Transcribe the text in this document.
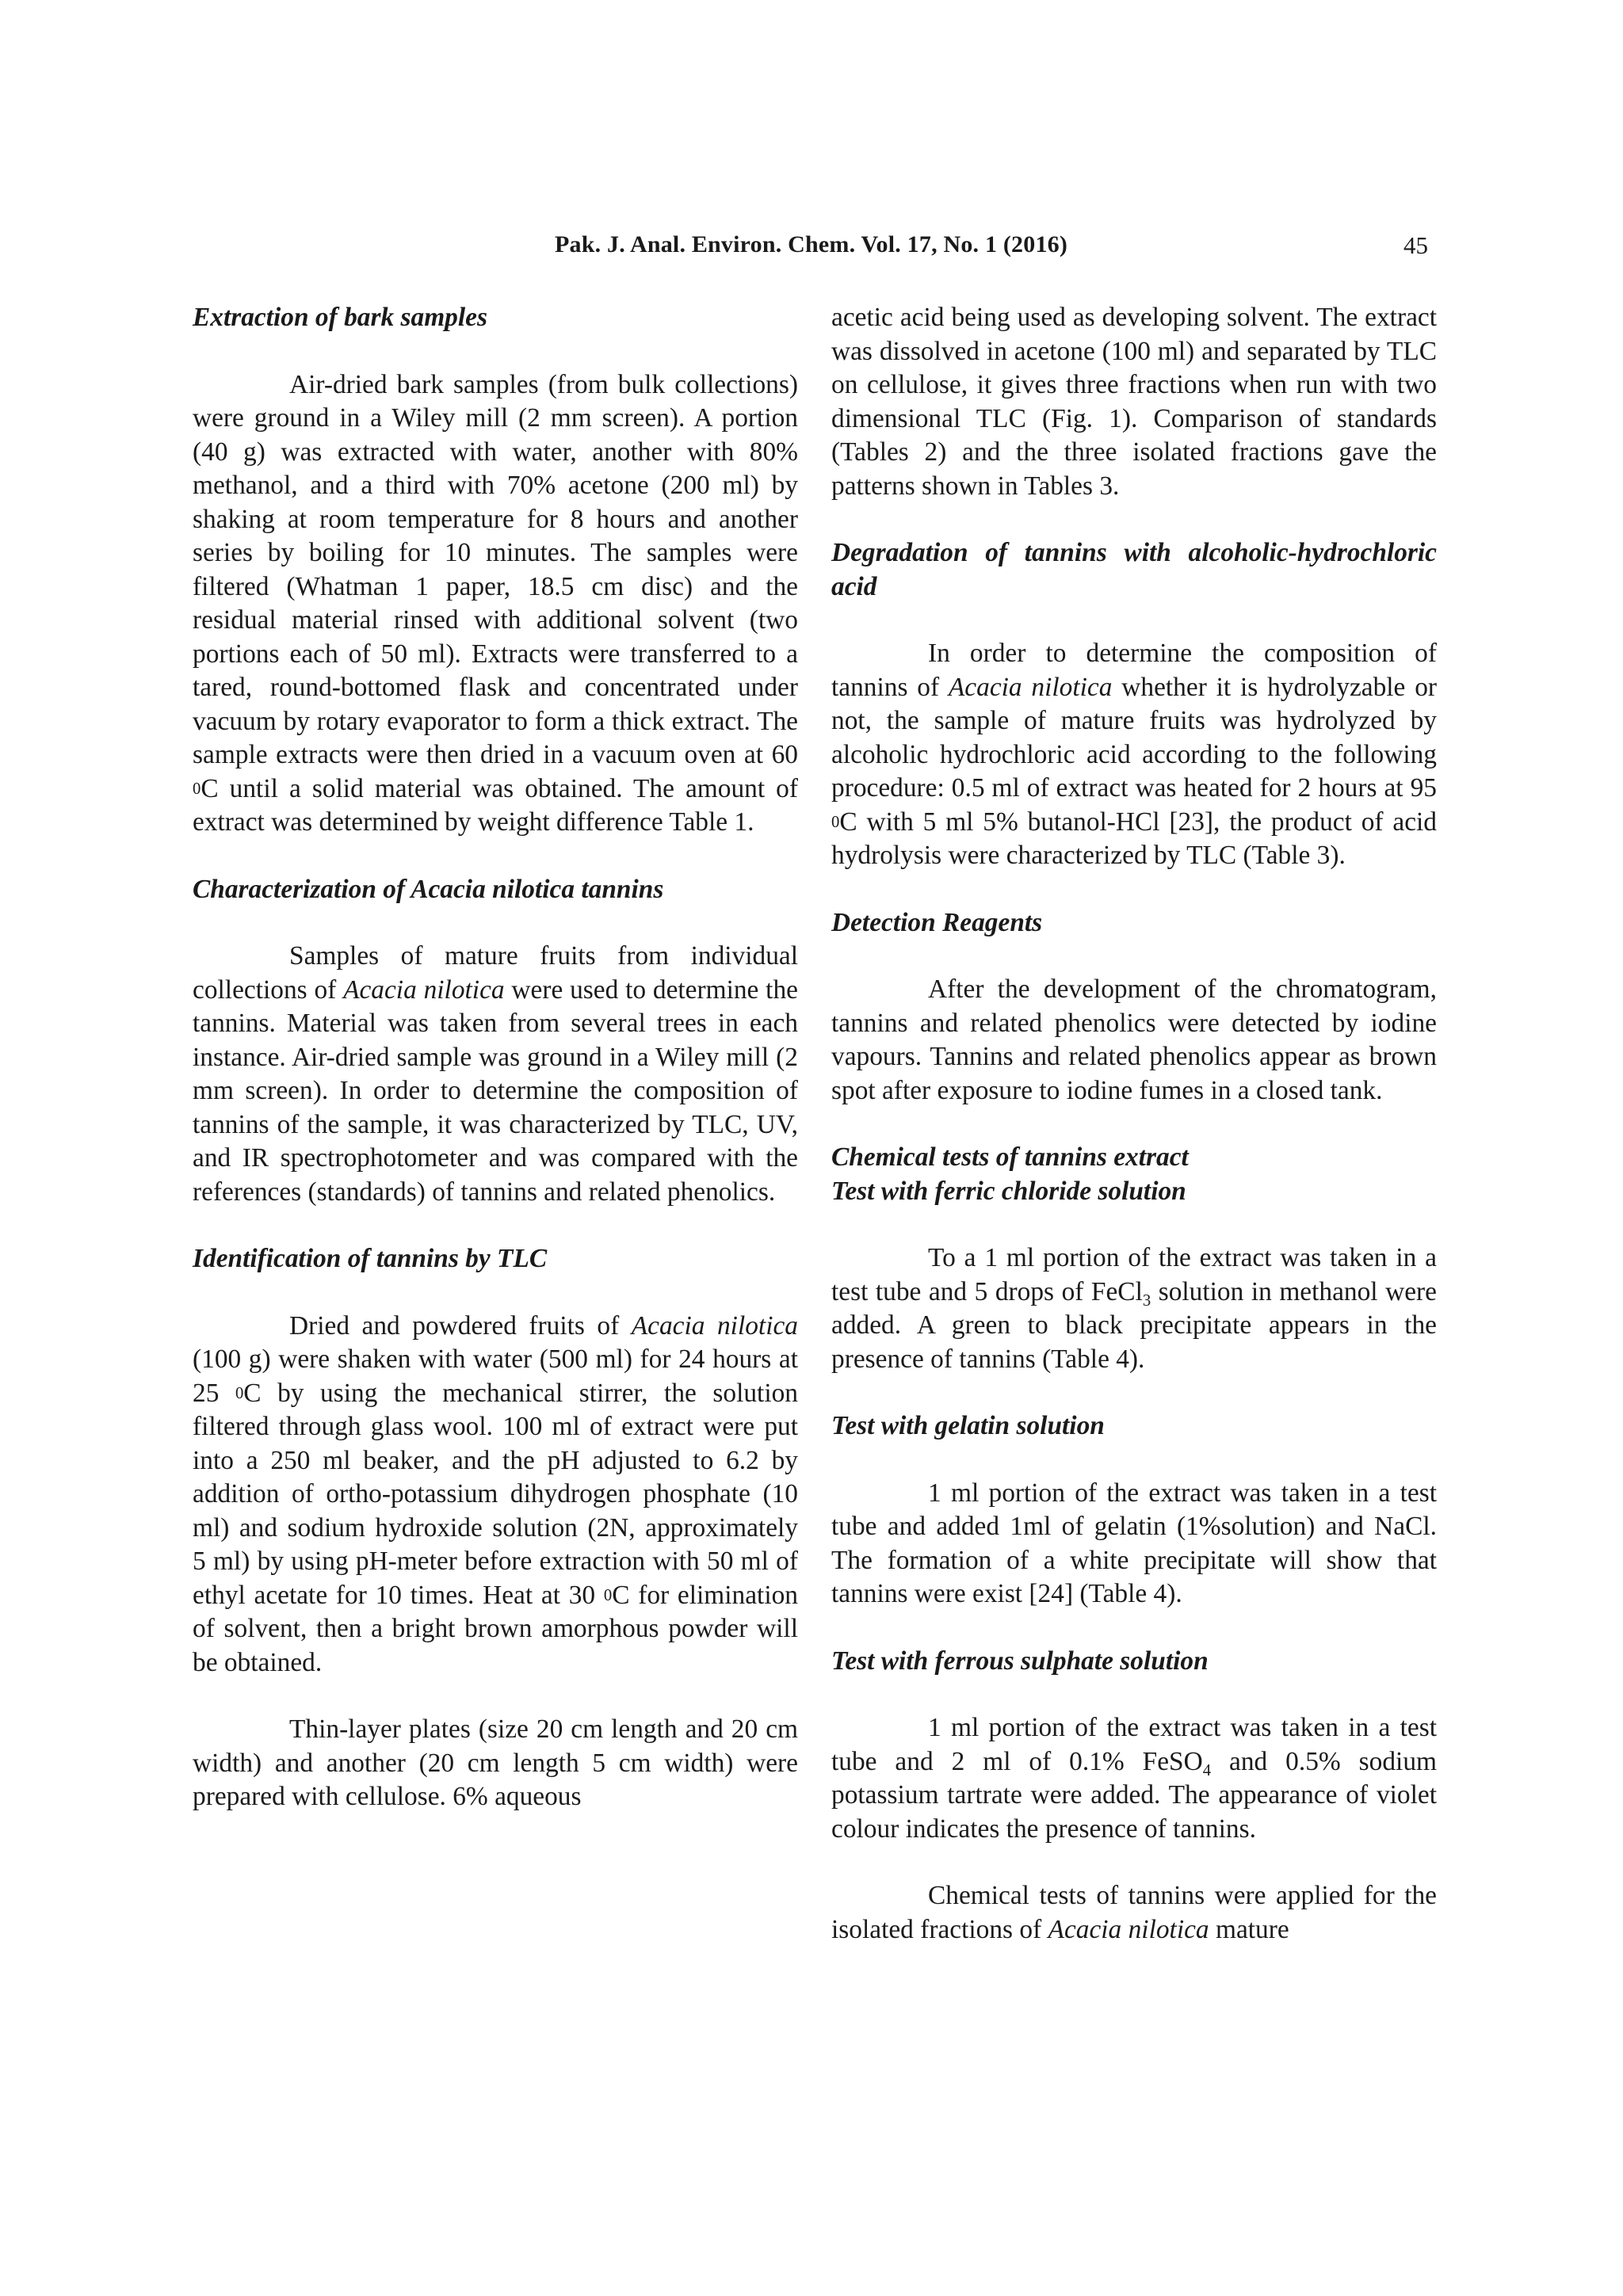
Pak. J. Anal. Environ. Chem. Vol. 17, No. 1 (2016)	45
Extraction of bark samples

Air-dried bark samples (from bulk collections) were ground in a Wiley mill (2 mm screen). A portion (40 g) was extracted with water, another with 80% methanol, and a third with 70% acetone (200 ml) by shaking at room temperature for 8 hours and another series by boiling for 10 minutes. The samples were filtered (Whatman 1 paper, 18.5 cm disc) and the residual material rinsed with additional solvent (two portions each of 50 ml). Extracts were transferred to a tared, round-bottomed flask and concentrated under vacuum by rotary evaporator to form a thick extract. The sample extracts were then dried in a vacuum oven at 60 $^0$C until a solid material was obtained. The amount of extract was determined by weight difference Table 1.

Characterization of Acacia nilotica tannins

Samples of mature fruits from individual collections of Acacia nilotica were used to determine the tannins. Material was taken from several trees in each instance. Air-dried sample was ground in a Wiley mill (2 mm screen). In order to determine the composition of tannins of the sample, it was characterized by TLC, UV, and IR spectrophotometer and was compared with the references (standards) of tannins and related phenolics.

Identification of tannins by TLC

Dried and powdered fruits of Acacia nilotica (100 g) were shaken with water (500 ml) for 24 hours at 25 $^0$C by using the mechanical stirrer, the solution filtered through glass wool. 100 ml of extract were put into a 250 ml beaker, and the pH adjusted to 6.2 by addition of ortho-potassium dihydrogen phosphate (10 ml) and sodium hydroxide solution (2N, approximately 5 ml) by using pH-meter before extraction with 50 ml of ethyl acetate for 10 times. Heat at 30 $^0$C for elimination of solvent, then a bright brown amorphous powder will be obtained.

Thin-layer plates (size 20 cm length and 20 cm width) and another (20 cm length 5 cm width) were prepared with cellulose. 6% aqueous

acetic acid being used as developing solvent. The extract was dissolved in acetone (100 ml) and separated by TLC on cellulose, it gives three fractions when run with two dimensional TLC (Fig. 1). Comparison of standards (Tables 2) and the three isolated fractions gave the patterns shown in Tables 3.

Degradation of tannins with alcoholic-hydrochloric acid

In order to determine the composition of tannins of Acacia nilotica whether it is hydrolyzable or not, the sample of mature fruits was hydrolyzed by alcoholic hydrochloric acid according to the following procedure: 0.5 ml of extract was heated for 2 hours at 95 $^0$C with 5 ml 5% butanol-HCl [23], the product of acid hydrolysis were characterized by TLC (Table 3).

Detection Reagents

After the development of the chromatogram, tannins and related phenolics were detected by iodine vapours. Tannins and related phenolics appear as brown spot after exposure to iodine fumes in a closed tank.

Chemical tests of tannins extract
Test with ferric chloride solution

To a 1 ml portion of the extract was taken in a test tube and 5 drops of FeCl$_3$ solution in methanol were added. A green to black precipitate appears in the presence of tannins (Table 4).

Test with gelatin solution

1 ml portion of the extract was taken in a test tube and added 1ml of gelatin (1%solution) and NaCl. The formation of a white precipitate will show that tannins were exist [24] (Table 4).

Test with ferrous sulphate solution

1 ml portion of the extract was taken in a test tube and 2 ml of 0.1% FeSO$_4$ and 0.5% sodium potassium tartrate were added. The appearance of violet colour indicates the presence of tannins.

Chemical tests of tannins were applied for the isolated fractions of Acacia nilotica mature
